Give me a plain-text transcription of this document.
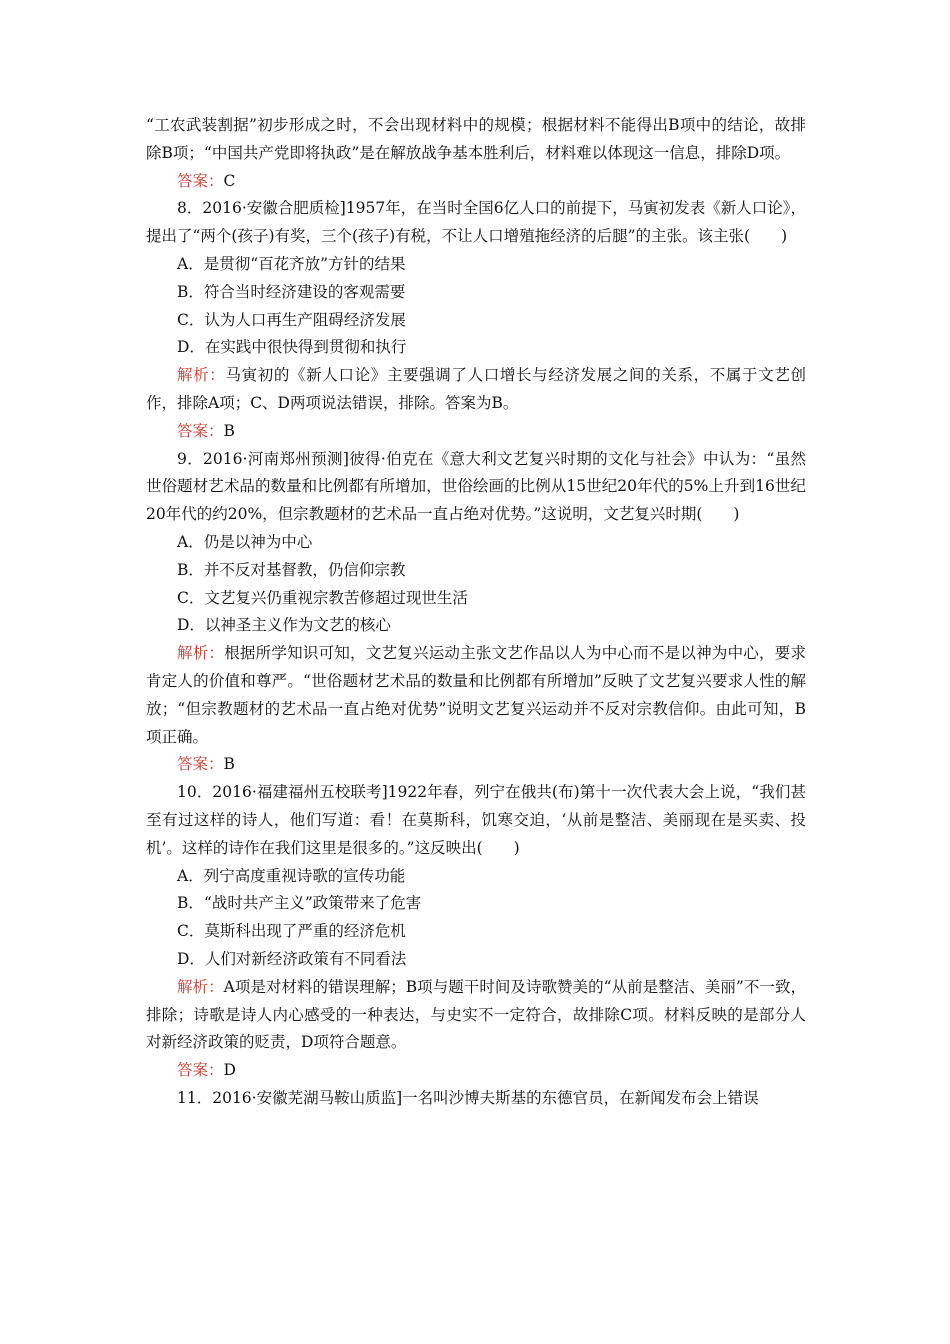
“工农武装割据”初步形成之时，不会出现材料中的规模；根据材料不能得出B项中的结论，故排除B项；“中国共产党即将执政”是在解放战争基本胜利后，材料难以体现这一信息，排除D项。

答案：C

8．2016·安徽合肥质检]1957年，在当时全国6亿人口的前提下，马寅初发表《新人口论》，提出了“两个(孩子)有奖，三个(孩子)有税，不让人口增殖拖经济的后腿”的主张。该主张(　　)

A．是贯彻“百花齐放”方针的结果

B．符合当时经济建设的客观需要

C．认为人口再生产阻碍经济发展

D．在实践中很快得到贯彻和执行

解析：马寅初的《新人口论》主要强调了人口增长与经济发展之间的关系，不属于文艺创作，排除A项；C、D两项说法错误，排除。答案为B。

答案：B

9．2016·河南郑州预测]彼得·伯克在《意大利文艺复兴时期的文化与社会》中认为：“虽然世俗题材艺术品的数量和比例都有所增加，世俗绘画的比例从15世纪20年代的5%上升到16世纪20年代的约20%，但宗教题材的艺术品一直占绝对优势。”这说明，文艺复兴时期(　　)

A．仍是以神为中心

B．并不反对基督教，仍信仰宗教

C．文艺复兴仍重视宗教苦修超过现世生活

D．以神圣主义作为文艺的核心

解析：根据所学知识可知，文艺复兴运动主张文艺作品以人为中心而不是以神为中心，要求肯定人的价值和尊严。“世俗题材艺术品的数量和比例都有所增加”反映了文艺复兴要求人性的解放；“但宗教题材的艺术品一直占绝对优势”说明文艺复兴运动并不反对宗教信仰。由此可知，B项正确。

答案：B

10．2016·福建福州五校联考]1922年春，列宁在俄共(布)第十一次代表大会上说，“我们甚至有过这样的诗人，他们写道：看！在莫斯科，饥寒交迫，‘从前是整洁、美丽现在是买卖、投机’。这样的诗作在我们这里是很多的。”这反映出(　　)

A．列宁高度重视诗歌的宣传功能

B．“战时共产主义”政策带来了危害

C．莫斯科出现了严重的经济危机

D．人们对新经济政策有不同看法

解析：A项是对材料的错误理解；B项与题干时间及诗歌赞美的“从前是整洁、美丽”不一致，排除；诗歌是诗人内心感受的一种表达，与史实不一定符合，故排除C项。材料反映的是部分人对新经济政策的贬责，D项符合题意。

答案：D

11．2016·安徽芜湖马鞍山质监]一名叫沙博夫斯基的东德官员，在新闻发布会上错误
